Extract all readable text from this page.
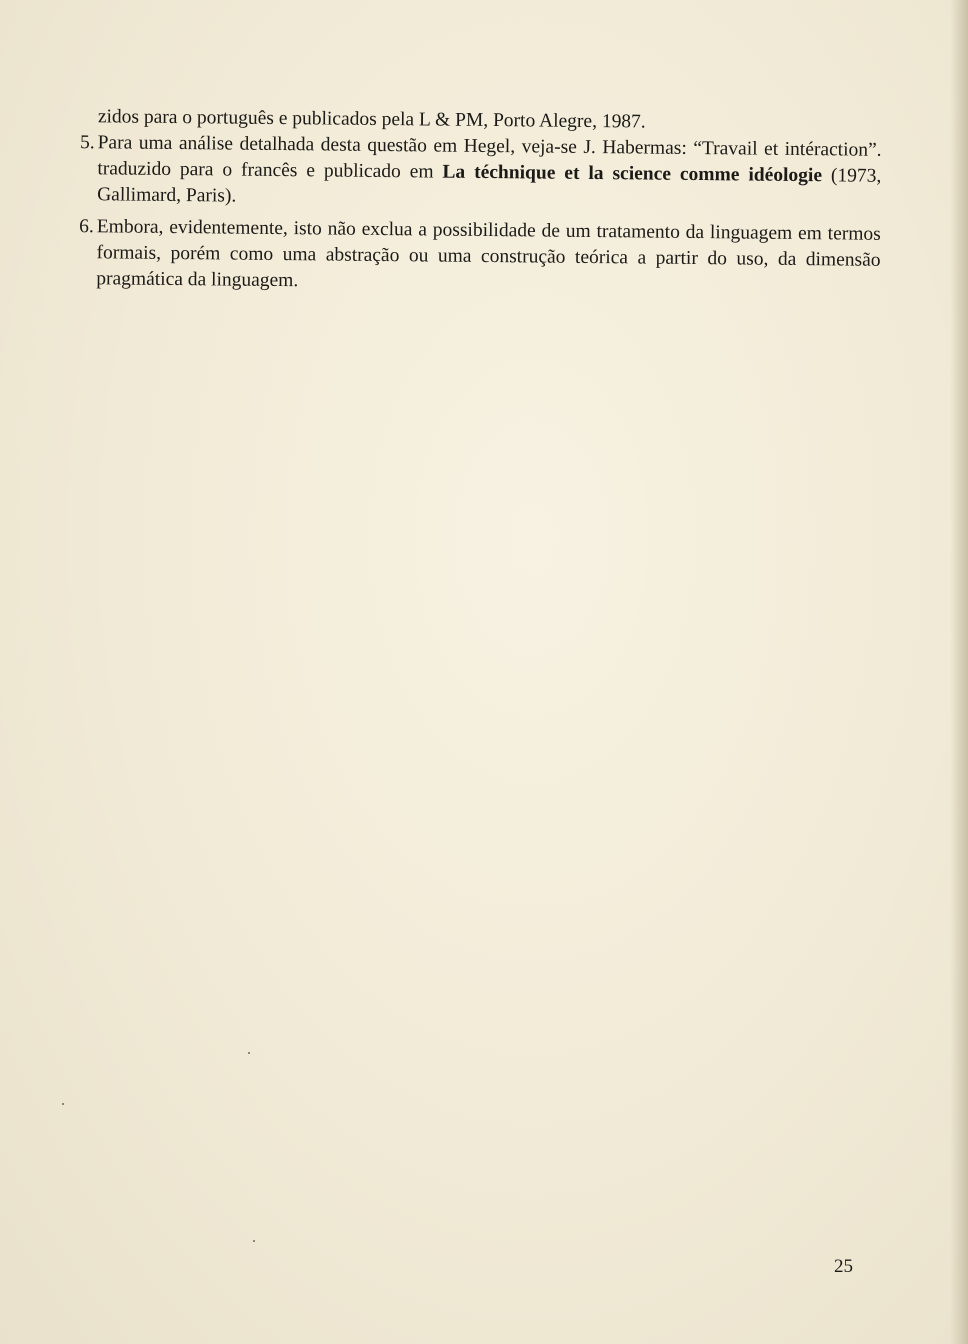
zidos para o português e publicados pela L & PM, Porto Alegre, 1987.
5. Para uma análise detalhada desta questão em Hegel, veja-se J. Habermas: “Travail et intéraction”. traduzido para o francês e publicado em La téchnique et la science comme idéologie (1973, Gallimard, Paris).
6. Embora, evidentemente, isto não exclua a possibilidade de um tratamento da linguagem em termos formais, porém como uma abstração ou uma construção teórica a partir do uso, da dimensão pragmática da linguagem.
25
